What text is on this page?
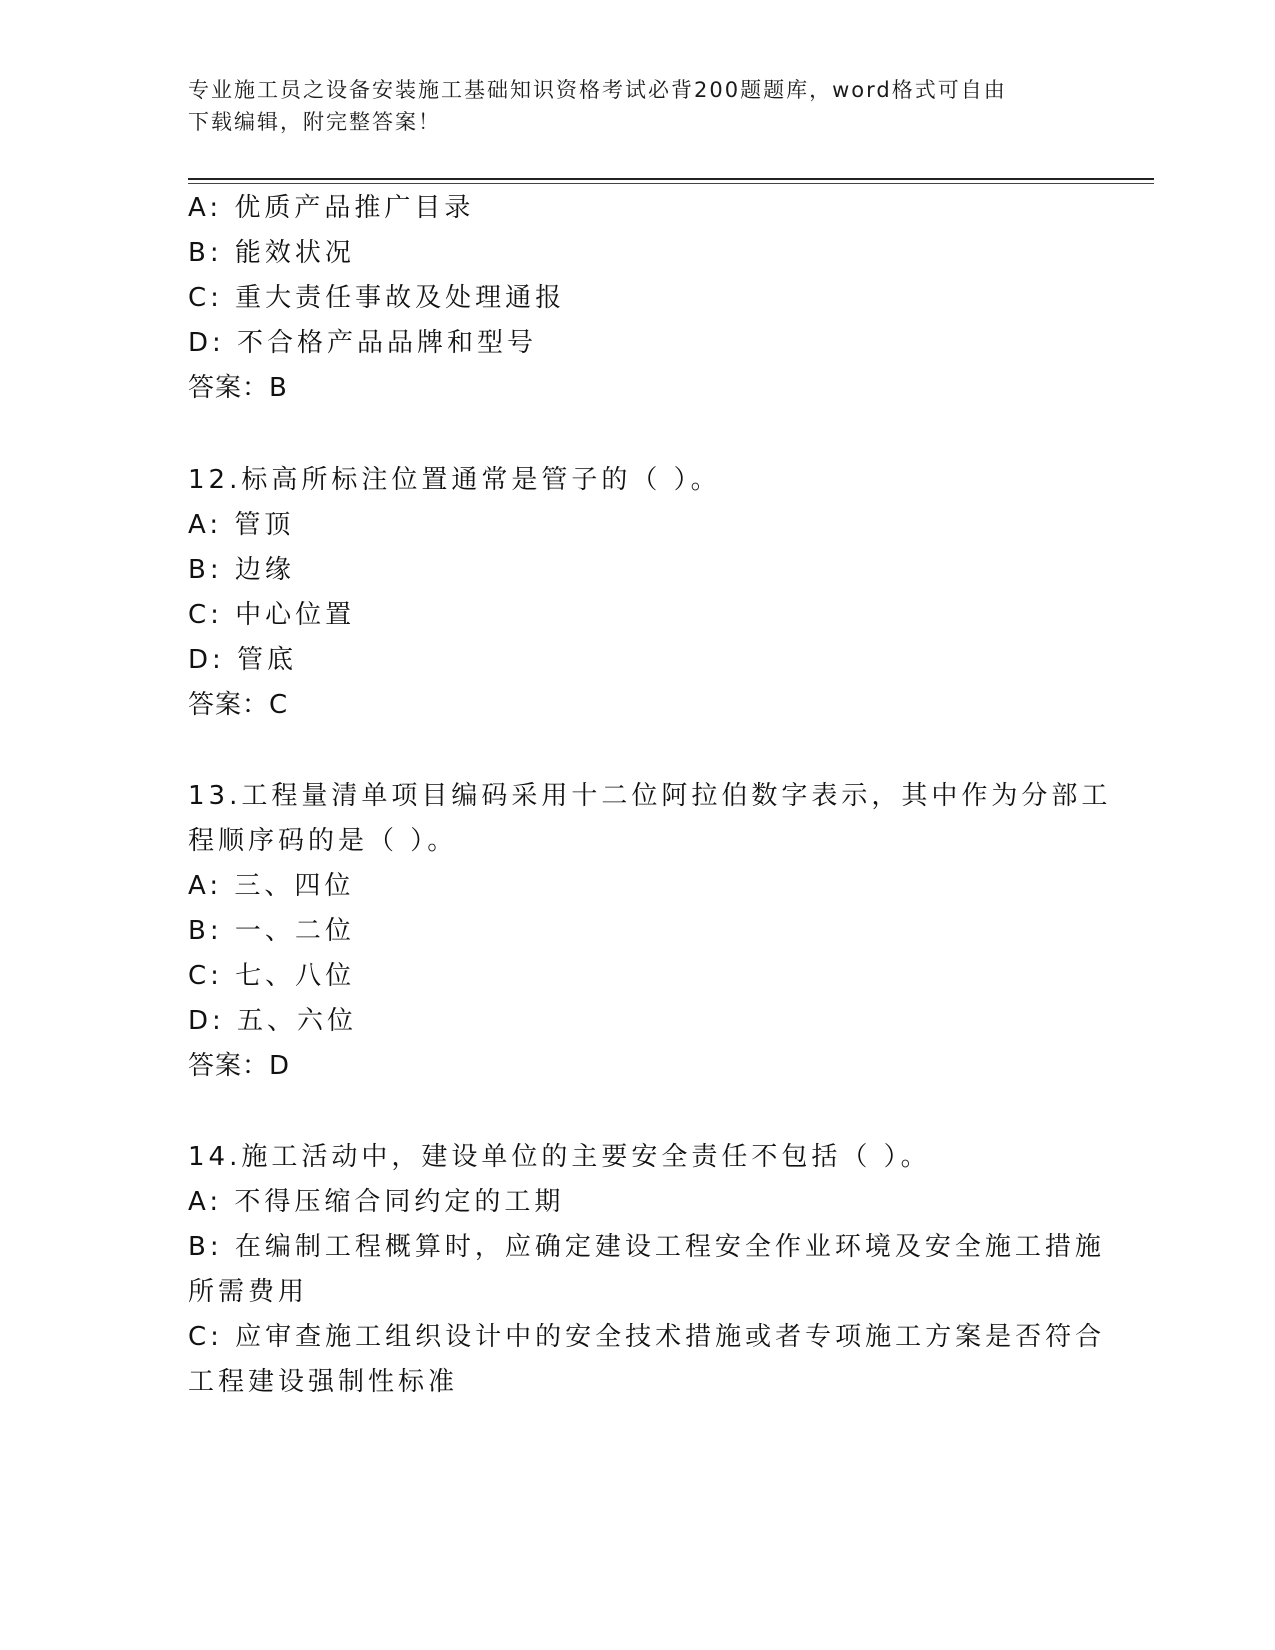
专业施工员之设备安装施工基础知识资格考试必背200题题库，word格式可自由
下载编辑，附完整答案！
A: 优质产品推广目录
B: 能效状况
C: 重大责任事故及处理通报
D: 不合格产品品牌和型号
答案：B
12.标高所标注位置通常是管子的（ ）。
A: 管顶
B: 边缘
C: 中心位置
D: 管底
答案：C
13.工程量清单项目编码采用十二位阿拉伯数字表示，其中作为分部工
程顺序码的是（ ）。
A: 三、四位
B: 一、二位
C: 七、八位
D: 五、六位
答案：D
14.施工活动中，建设单位的主要安全责任不包括（ ）。
A: 不得压缩合同约定的工期
B: 在编制工程概算时，应确定建设工程安全作业环境及安全施工措施
所需费用
C: 应审查施工组织设计中的安全技术措施或者专项施工方案是否符合
工程建设强制性标准
